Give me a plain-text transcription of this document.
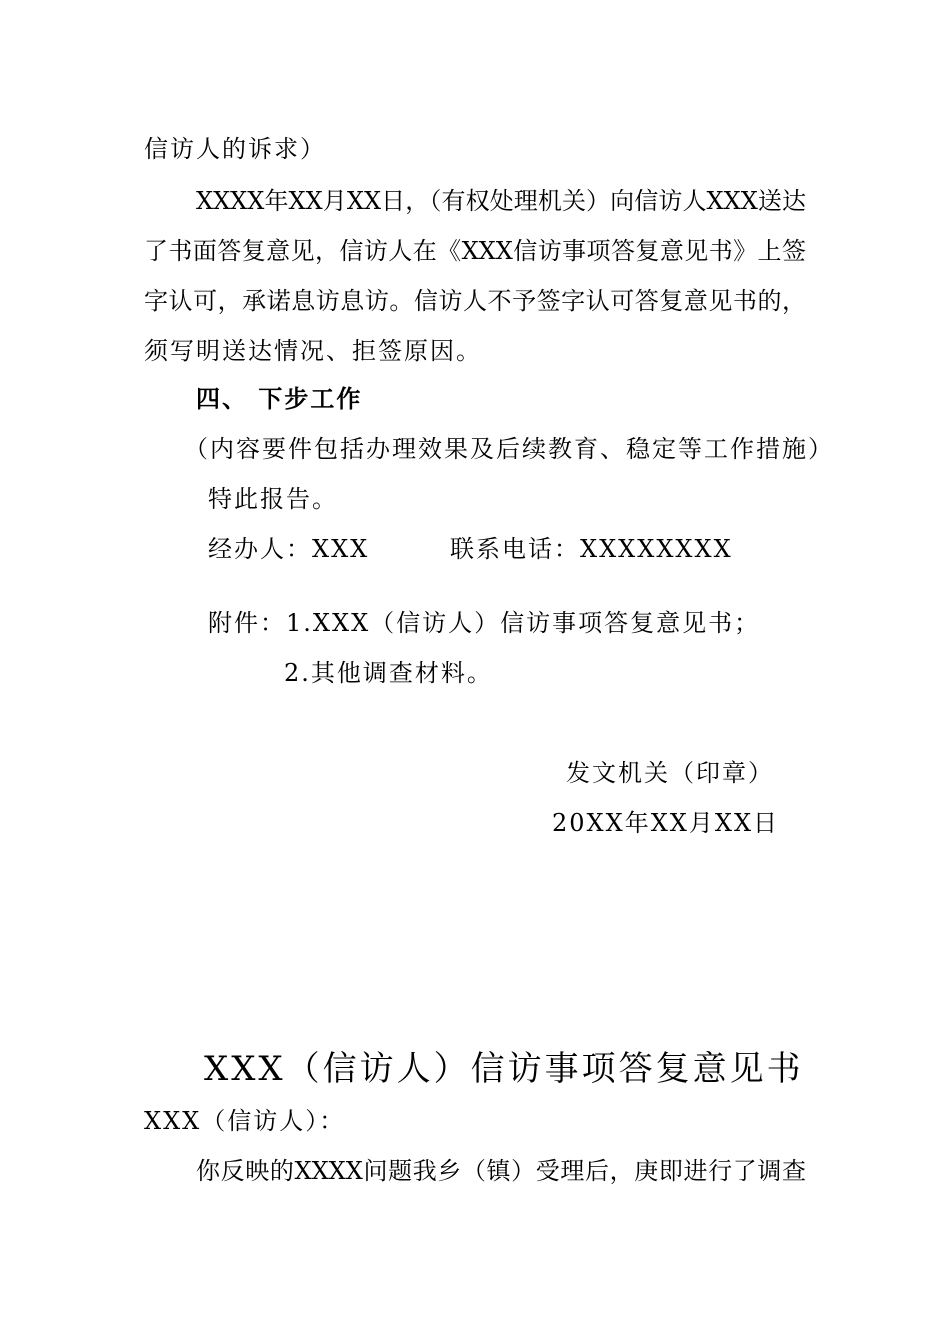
信访人的诉求）
XXXX年XX月XX日，（有权处理机关）向信访人XXX送达
了书面答复意见，信访人在《XXX信访事项答复意见书》上签
字认可，承诺息访息访。信访人不予签字认可答复意见书的，
须写明送达情况、拒签原因。
四、 下步工作
（内容要件包括办理效果及后续教育、稳定等工作措施）
特此报告。
经办人：XXX	联系电话：XXXXXXXX
附件：1.XXX（信访人）信访事项答复意见书；
2.其他调查材料。
发文机关（印章）
20XX年XX月XX日
XXX（信访人）信访事项答复意见书
XXX（信访人）：
你反映的XXXX问题我乡（镇）受理后，庚即进行了调查
